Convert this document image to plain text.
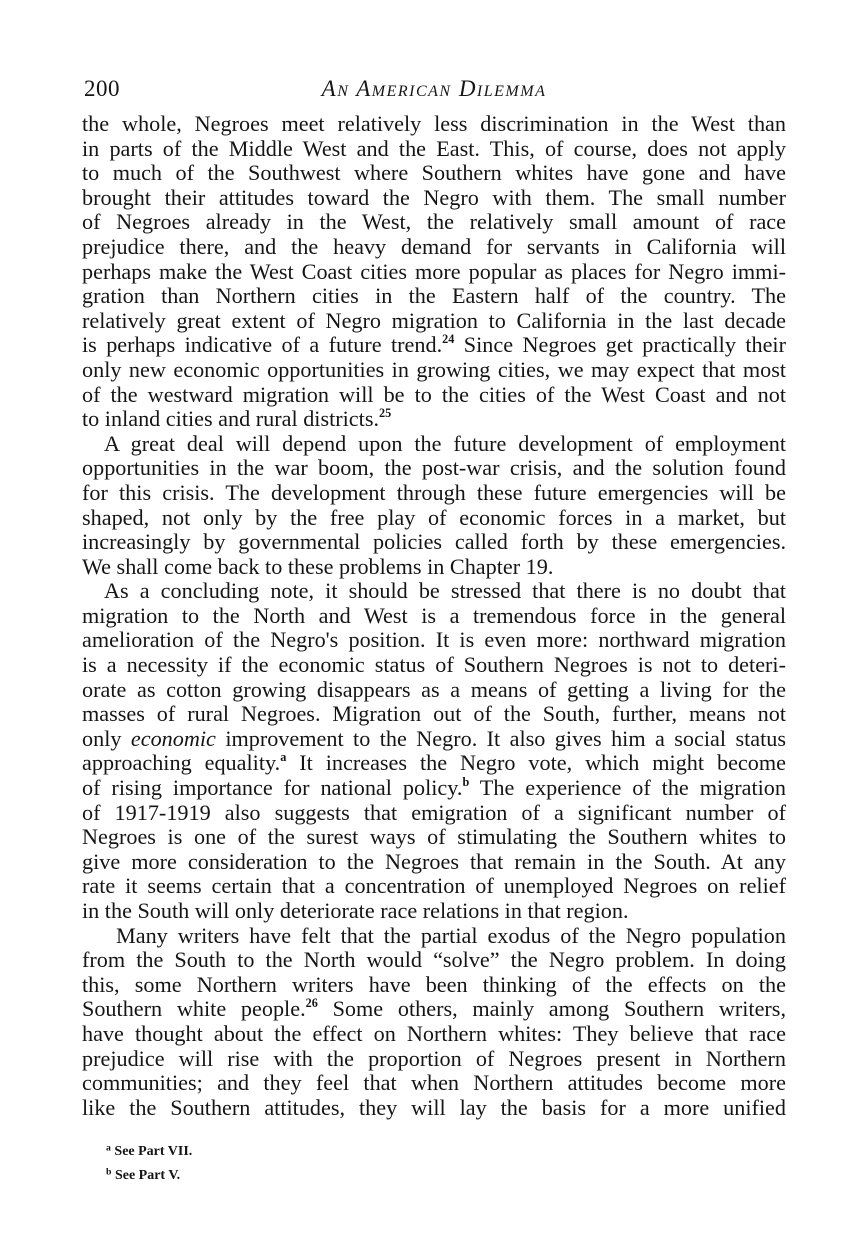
200	An American Dilemma
the whole, Negroes meet relatively less discrimination in the West than
in parts of the Middle West and the East. This, of course, does not apply
to much of the Southwest where Southern whites have gone and have
brought their attitudes toward the Negro with them. The small number
of Negroes already in the West, the relatively small amount of race
prejudice there, and the heavy demand for servants in California will
perhaps make the West Coast cities more popular as places for Negro immi-
gration than Northern cities in the Eastern half of the country. The
relatively great extent of Negro migration to California in the last decade
is perhaps indicative of a future trend.$^{24}$ Since Negroes get practically their
only new economic opportunities in growing cities, we may expect that most
of the westward migration will be to the cities of the West Coast and not
to inland cities and rural districts.$^{25}$
A great deal will depend upon the future development of employment
opportunities in the war boom, the post-war crisis, and the solution found
for this crisis. The development through these future emergencies will be
shaped, not only by the free play of economic forces in a market, but
increasingly by governmental policies called forth by these emergencies.
We shall come back to these problems in Chapter 19.
As a concluding note, it should be stressed that there is no doubt that
migration to the North and West is a tremendous force in the general
amelioration of the Negro's position. It is even more: northward migration
is a necessity if the economic status of Southern Negroes is not to deteri-
orate as cotton growing disappears as a means of getting a living for the
masses of rural Negroes. Migration out of the South, further, means not
only economic improvement to the Negro. It also gives him a social status
approaching equality.$^a$ It increases the Negro vote, which might become
of rising importance for national policy.$^b$ The experience of the migration
of 1917-1919 also suggests that emigration of a significant number of
Negroes is one of the surest ways of stimulating the Southern whites to
give more consideration to the Negroes that remain in the South. At any
rate it seems certain that a concentration of unemployed Negroes on relief
in the South will only deteriorate race relations in that region.
Many writers have felt that the partial exodus of the Negro population
from the South to the North would “solve” the Negro problem. In doing
this, some Northern writers have been thinking of the effects on the
Southern white people.$^{26}$ Some others, mainly among Southern writers,
have thought about the effect on Northern whites: They believe that race
prejudice will rise with the proportion of Negroes present in Northern
communities; and they feel that when Northern attitudes become more
like the Southern attitudes, they will lay the basis for a more unified
$^a$ See Part VII.
$^b$ See Part V.
